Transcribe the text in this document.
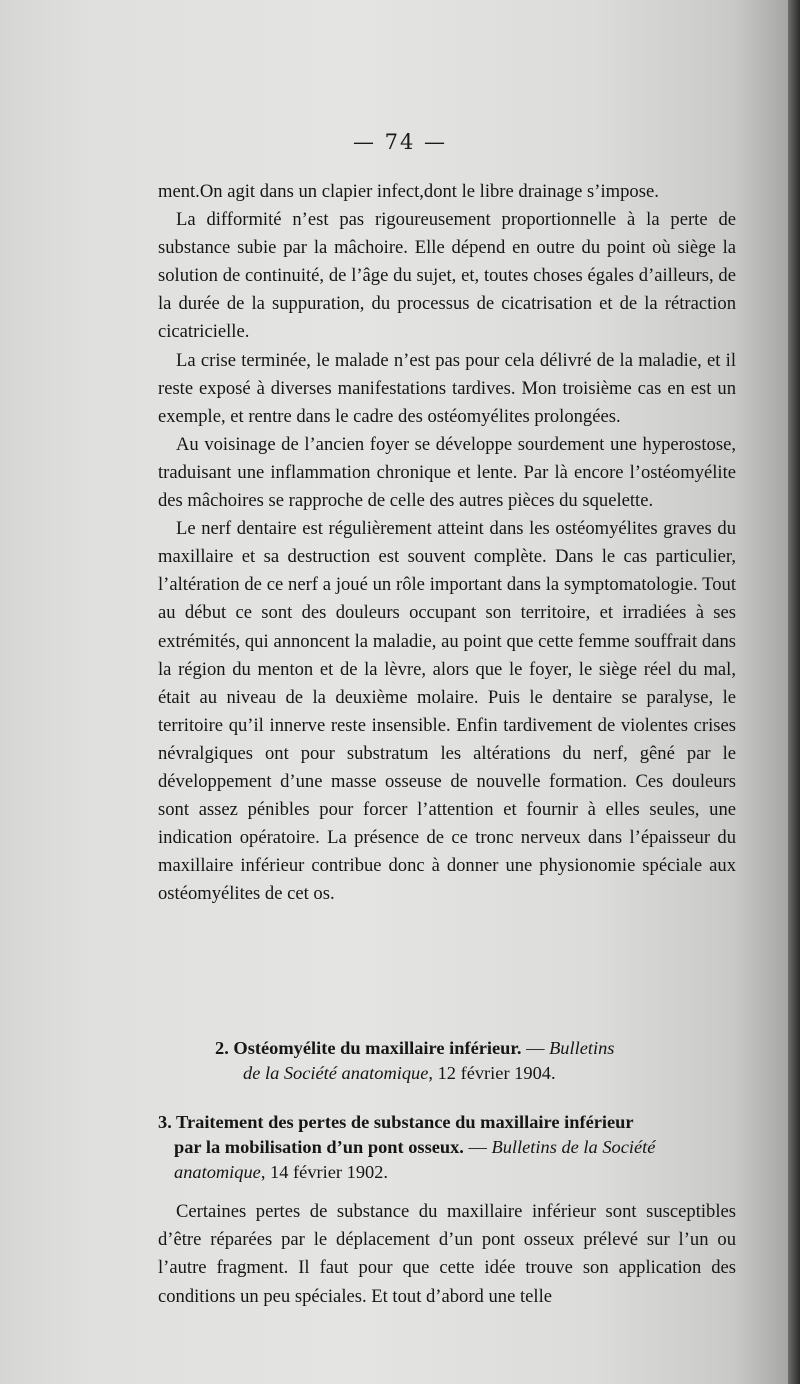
— 74 —

ment.On agit dans un clapier infect,dont le libre drainage s’impose.

La difformité n’est pas rigoureusement proportionnelle à la perte de substance subie par la mâchoire. Elle dépend en outre du point où siège la solution de continuité, de l’âge du sujet, et, toutes choses égales d’ailleurs, de la durée de la suppuration, du processus de cicatrisation et de la rétraction cicatricielle.

La crise terminée, le malade n’est pas pour cela délivré de la maladie, et il reste exposé à diverses manifestations tardives. Mon troisième cas en est un exemple, et rentre dans le cadre des ostéomyélites prolongées.

Au voisinage de l’ancien foyer se développe sourdement une hyperostose, traduisant une inflammation chronique et lente. Par là encore l’ostéomyélite des mâchoires se rapproche de celle des autres pièces du squelette.

Le nerf dentaire est régulièrement atteint dans les ostéomyélites graves du maxillaire et sa destruction est souvent complète. Dans le cas particulier, l’altération de ce nerf a joué un rôle important dans la symptomatologie. Tout au début ce sont des douleurs occupant son territoire, et irradiées à ses extrémités, qui annoncent la maladie, au point que cette femme souffrait dans la région du menton et de la lèvre, alors que le foyer, le siège réel du mal, était au niveau de la deuxième molaire. Puis le dentaire se paralyse, le territoire qu’il innerve reste insensible. Enfin tardivement de violentes crises névralgiques ont pour substratum les altérations du nerf, gêné par le développement d’une masse osseuse de nouvelle formation. Ces douleurs sont assez pénibles pour forcer l’attention et fournir à elles seules, une indication opératoire. La présence de ce tronc nerveux dans l’épaisseur du maxillaire inférieur contribue donc à donner une physionomie spéciale aux ostéomyélites de cet os.

2. Ostéomyélite du maxillaire inférieur. — Bulletins
de la Société anatomique, 12 février 1904.
3. Traitement des pertes de substance du maxillaire inférieur
par la mobilisation d’un pont osseux. — Bulletins de la Société
anatomique, 14 février 1902.

Certaines pertes de substance du maxillaire inférieur sont susceptibles d’être réparées par le déplacement d’un pont osseux prélevé sur l’un ou l’autre fragment. Il faut pour que cette idée trouve son application des conditions un peu spéciales. Et tout d’abord une telle
